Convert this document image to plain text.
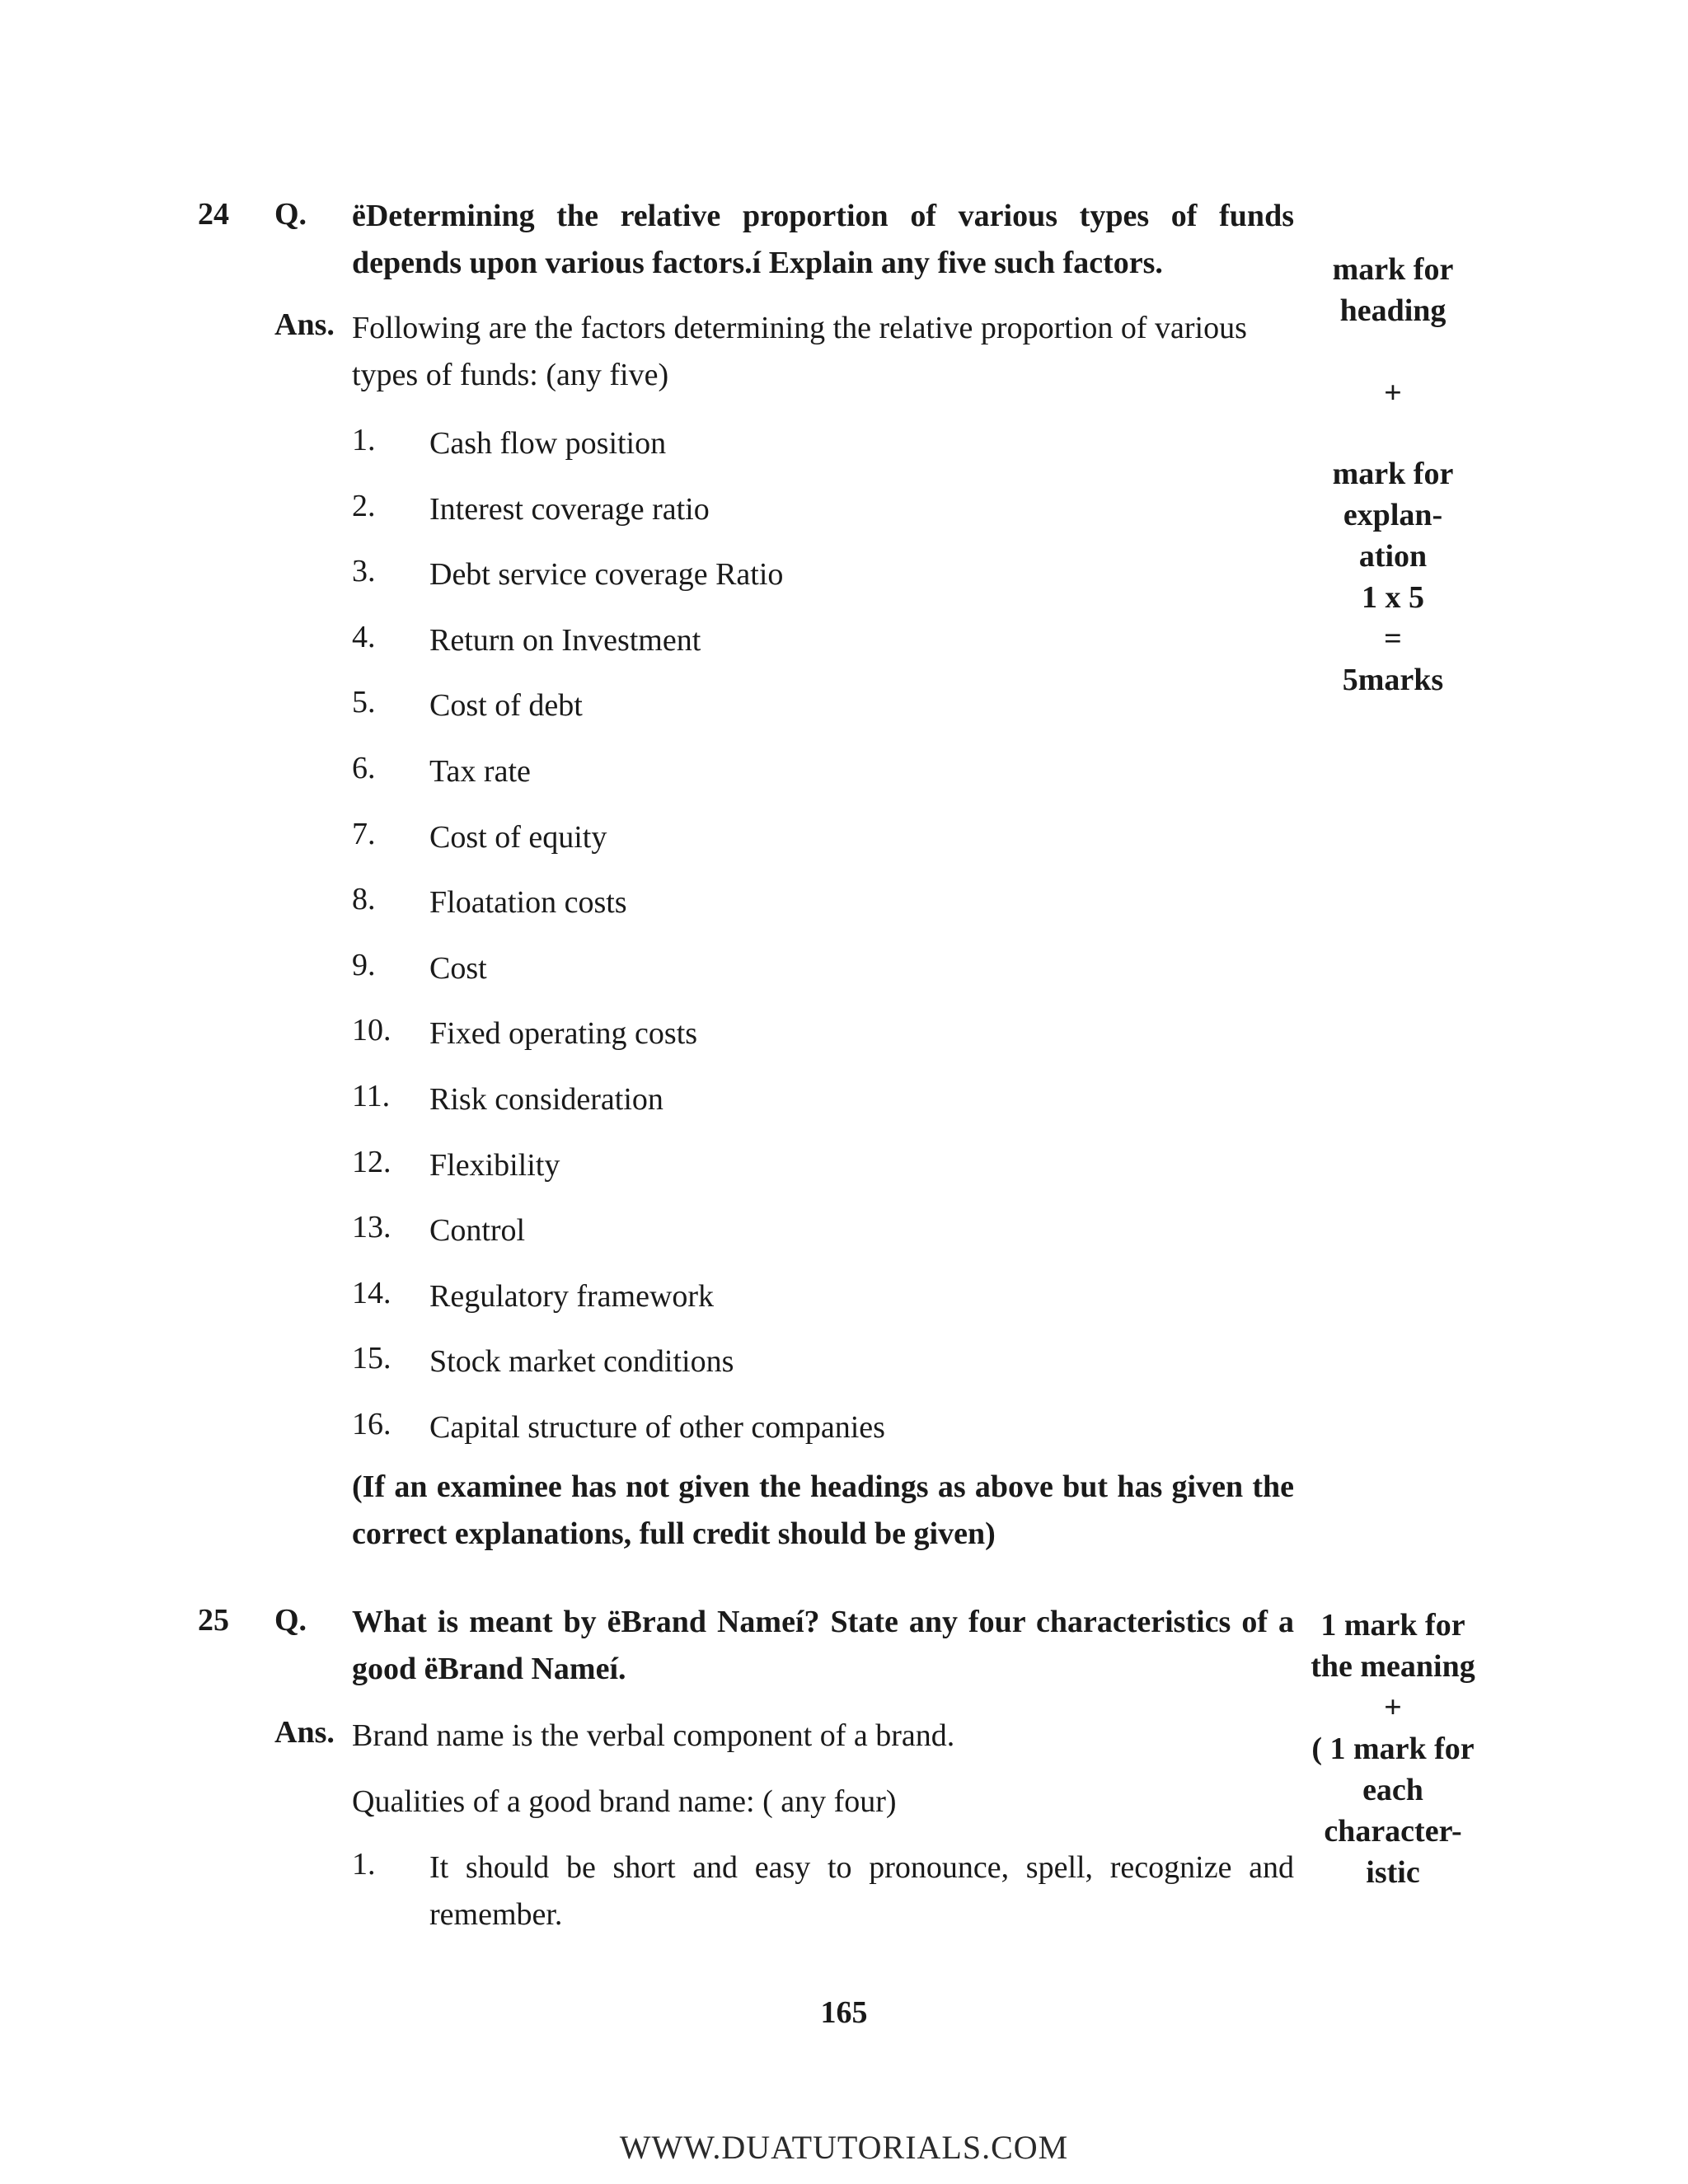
24 Q. ëDetermining the relative proportion of various types of funds depends upon various factors.í Explain any five such factors.
Ans. Following are the factors determining the relative proportion of various types of funds: (any five)
1. Cash flow position
2. Interest coverage ratio
3. Debt service coverage Ratio
4. Return on Investment
5. Cost of debt
6. Tax rate
7. Cost of equity
8. Floatation costs
9. Cost
10. Fixed operating costs
11. Risk consideration
12. Flexibility
13. Control
14. Regulatory framework
15. Stock market conditions
16. Capital structure of other companies
(If an examinee has not given the headings as above but has given the correct explanations, full credit should be given)
mark for
heading
+
mark for
explan-
ation
1 x 5
=
5marks
25 Q. What is meant by ëBrand Nameí? State any four characteristics of a good ëBrand Nameí.
Ans. Brand name is the verbal component of a brand.
Qualities of a good brand name: ( any four)
1. It should be short and easy to pronounce, spell, recognize and remember.
1 mark for
the meaning
+
( 1 mark for
each
character-
istic
165
WWW.DUATUTORIALS.COM
